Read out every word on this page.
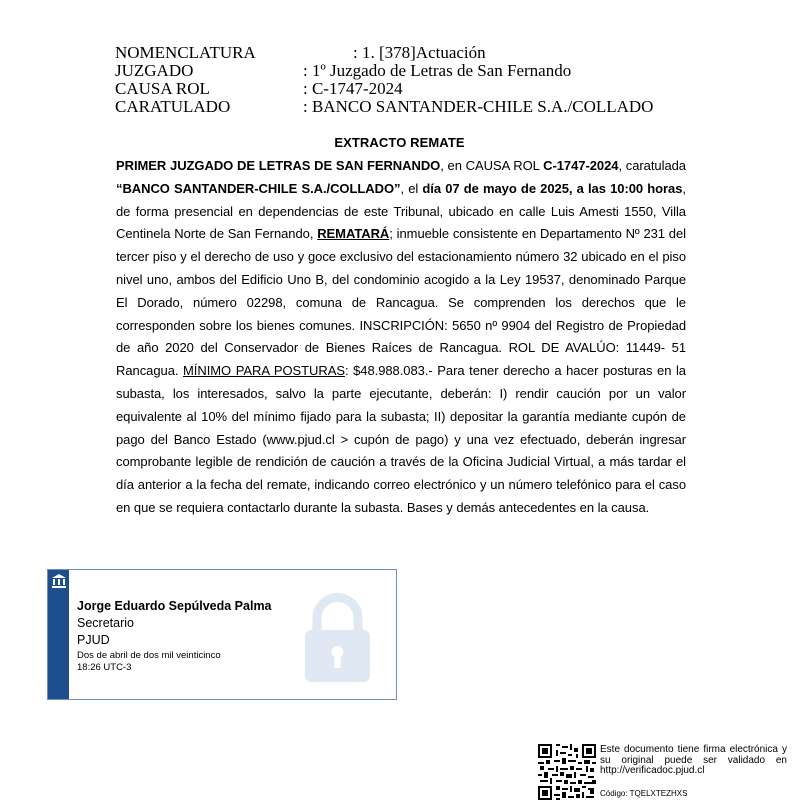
NOMENCLATURA	: 1. [378]Actuación
JUZGADO	: 1º Juzgado de Letras de San Fernando
CAUSA ROL	: C-1747-2024
CARATULADO	: BANCO SANTANDER-CHILE S.A./COLLADO
EXTRACTO REMATE
PRIMER JUZGADO DE LETRAS DE SAN FERNANDO, en CAUSA ROL C-1747-2024, caratulada “BANCO SANTANDER-CHILE S.A./COLLADO”, el día 07 de mayo de 2025, a las 10:00 horas, de forma presencial en dependencias de este Tribunal, ubicado en calle Luis Amesti 1550, Villa Centinela Norte de San Fernando, REMATARÁ; inmueble consistente en Departamento Nº 231 del tercer piso y el derecho de uso y goce exclusivo del estacionamiento número 32 ubicado en el piso nivel uno, ambos del Edificio Uno B, del condominio acogido a la Ley 19537, denominado Parque El Dorado, número 02298, comuna de Rancagua. Se comprenden los derechos que le corresponden sobre los bienes comunes. INSCRIPCIÓN: 5650 nº 9904 del Registro de Propiedad de año 2020 del Conservador de Bienes Raíces de Rancagua. ROL DE AVALÚO: 11449- 51 Rancagua. MÍNIMO PARA POSTURAS: $48.988.083.- Para tener derecho a hacer posturas en la subasta, los interesados, salvo la parte ejecutante, deberán: I) rendir caución por un valor equivalente al 10% del mínimo fijado para la subasta; II) depositar la garantía mediante cupón de pago del Banco Estado (www.pjud.cl > cupón de pago) y una vez efectuado, deberán ingresar comprobante legible de rendición de caución a través de la Oficina Judicial Virtual, a más tardar el día anterior a la fecha del remate, indicando correo electrónico y un número telefónico para el caso en que se requiera contactarlo durante la subasta. Bases y demás antecedentes en la causa.
Jorge Eduardo Sepúlveda Palma
Secretario
PJUD
Dos de abril de dos mil veinticinco
18:26 UTC-3
Este documento tiene firma electrónica y su original puede ser validado en http://verificadoc.pjud.cl
Código: TQELXTEZHXS
